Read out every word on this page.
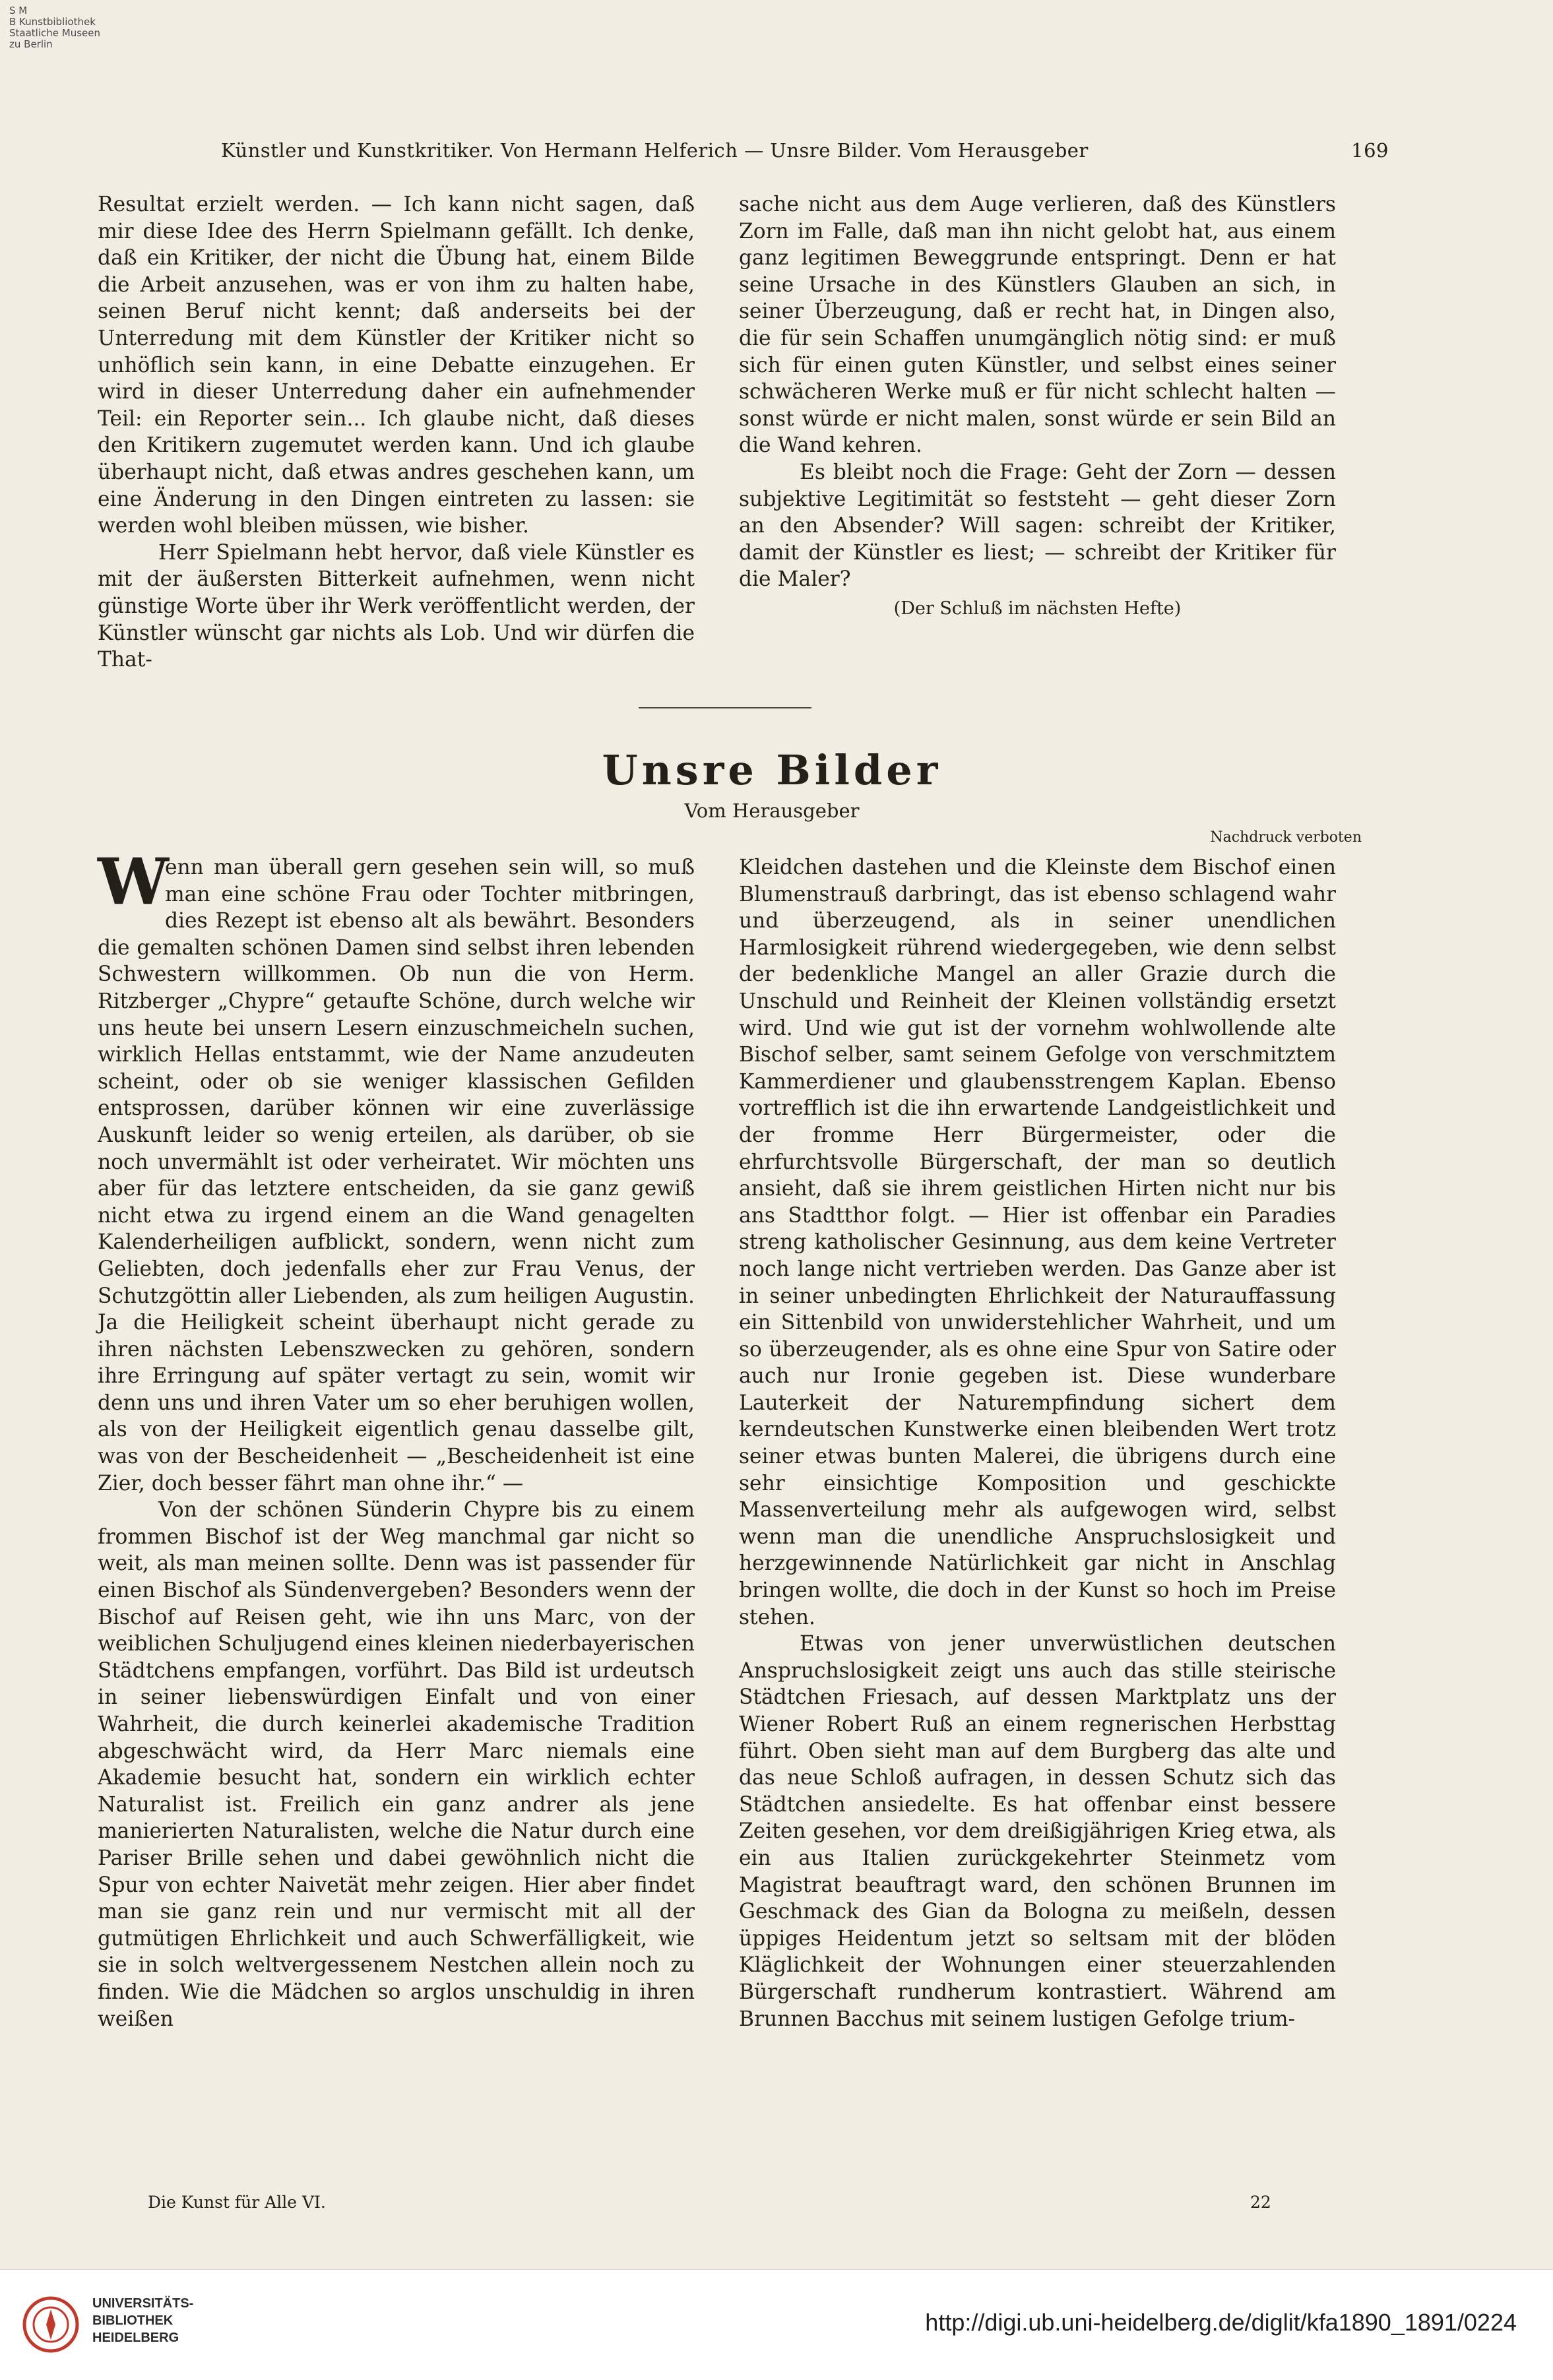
S M
B Kunstbibliothek
Staatliche Museen
zu Berlin
Künstler und Kunstkritiker. Von Hermann Helferich — Unsre Bilder. Vom Herausgeber	169

Resultat erzielt werden. — Ich kann nicht sagen, daß mir diese Idee des Herrn Spielmann gefällt. Ich denke, daß ein Kritiker, der nicht die Übung hat, einem Bilde die Arbeit anzusehen, was er von ihm zu halten habe, seinen Beruf nicht kennt; daß anderseits bei der Unterredung mit dem Künstler der Kritiker nicht so unhöflich sein kann, in eine Debatte einzugehen. Er wird in dieser Unterredung daher ein aufnehmender Teil: ein Reporter sein... Ich glaube nicht, daß dieses den Kritikern zugemutet werden kann. Und ich glaube überhaupt nicht, daß etwas andres geschehen kann, um eine Änderung in den Dingen eintreten zu lassen: sie werden wohl bleiben müssen, wie bisher.

Herr Spielmann hebt hervor, daß viele Künstler es mit der äußersten Bitterkeit aufnehmen, wenn nicht günstige Worte über ihr Werk veröffentlicht werden, der Künstler wünscht gar nichts als Lob. Und wir dürfen die That-

sache nicht aus dem Auge verlieren, daß des Künstlers Zorn im Falle, daß man ihn nicht gelobt hat, aus einem ganz legitimen Beweggrunde entspringt. Denn er hat seine Ursache in des Künstlers Glauben an sich, in seiner Überzeugung, daß er recht hat, in Dingen also, die für sein Schaffen unumgänglich nötig sind: er muß sich für einen guten Künstler, und selbst eines seiner schwächeren Werke muß er für nicht schlecht halten — sonst würde er nicht malen, sonst würde er sein Bild an die Wand kehren.

Es bleibt noch die Frage: Geht der Zorn — dessen subjektive Legitimität so feststeht — geht dieser Zorn an den Absender? Will sagen: schreibt der Kritiker, damit der Künstler es liest; — schreibt der Kritiker für die Maler?

(Der Schluß im nächsten Hefte)

Unsre Bilder
Vom Herausgeber
Nachdruck verboten

W
enn man überall gern gesehen sein will, so muß man eine schöne Frau oder Tochter mitbringen, dies Rezept ist ebenso alt als bewährt. Besonders die gemalten schönen Damen sind selbst ihren lebenden Schwestern willkommen. Ob nun die von Herm. Ritzberger „Chypre“ getaufte Schöne, durch welche wir uns heute bei unsern Lesern einzuschmeicheln suchen, wirklich Hellas entstammt, wie der Name anzudeuten scheint, oder ob sie weniger klassischen Gefilden entsprossen, darüber können wir eine zuverlässige Auskunft leider so wenig erteilen, als darüber, ob sie noch unvermählt ist oder verheiratet. Wir möchten uns aber für das letztere entscheiden, da sie ganz gewiß nicht etwa zu irgend einem an die Wand genagelten Kalenderheiligen aufblickt, sondern, wenn nicht zum Geliebten, doch jedenfalls eher zur Frau Venus, der Schutzgöttin aller Liebenden, als zum heiligen Augustin. Ja die Heiligkeit scheint überhaupt nicht gerade zu ihren nächsten Lebenszwecken zu gehören, sondern ihre Erringung auf später vertagt zu sein, womit wir denn uns und ihren Vater um so eher beruhigen wollen, als von der Heiligkeit eigentlich genau dasselbe gilt, was von der Bescheidenheit — „Bescheidenheit ist eine Zier, doch besser fährt man ohne ihr.“ —

Von der schönen Sünderin Chypre bis zu einem frommen Bischof ist der Weg manchmal gar nicht so weit, als man meinen sollte. Denn was ist passender für einen Bischof als Sündenvergeben? Besonders wenn der Bischof auf Reisen geht, wie ihn uns Marc, von der weiblichen Schuljugend eines kleinen niederbayerischen Städtchens empfangen, vorführt. Das Bild ist urdeutsch in seiner liebenswürdigen Einfalt und von einer Wahrheit, die durch keinerlei akademische Tradition abgeschwächt wird, da Herr Marc niemals eine Akademie besucht hat, sondern ein wirklich echter Naturalist ist. Freilich ein ganz andrer als jene manierierten Naturalisten, welche die Natur durch eine Pariser Brille sehen und dabei gewöhnlich nicht die Spur von echter Naivetät mehr zeigen. Hier aber findet man sie ganz rein und nur vermischt mit all der gutmütigen Ehrlichkeit und auch Schwerfälligkeit, wie sie in solch weltvergessenem Nestchen allein noch zu finden. Wie die Mädchen so arglos unschuldig in ihren weißen

Kleidchen dastehen und die Kleinste dem Bischof einen Blumenstrauß darbringt, das ist ebenso schlagend wahr und überzeugend, als in seiner unendlichen Harmlosigkeit rührend wiedergegeben, wie denn selbst der bedenkliche Mangel an aller Grazie durch die Unschuld und Reinheit der Kleinen vollständig ersetzt wird. Und wie gut ist der vornehm wohlwollende alte Bischof selber, samt seinem Gefolge von verschmitztem Kammerdiener und glaubensstrengem Kaplan. Ebenso vortrefflich ist die ihn erwartende Landgeistlichkeit und der fromme Herr Bürgermeister, oder die ehrfurchtsvolle Bürgerschaft, der man so deutlich ansieht, daß sie ihrem geistlichen Hirten nicht nur bis ans Stadtthor folgt. — Hier ist offenbar ein Paradies streng katholischer Gesinnung, aus dem keine Vertreter noch lange nicht vertrieben werden. Das Ganze aber ist in seiner unbedingten Ehrlichkeit der Naturauffassung ein Sittenbild von unwiderstehlicher Wahrheit, und um so überzeugender, als es ohne eine Spur von Satire oder auch nur Ironie gegeben ist. Diese wunderbare Lauterkeit der Naturempfindung sichert dem kerndeutschen Kunstwerke einen bleibenden Wert trotz seiner etwas bunten Malerei, die übrigens durch eine sehr einsichtige Komposition und geschickte Massenverteilung mehr als aufgewogen wird, selbst wenn man die unendliche Anspruchslosigkeit und herzgewinnende Natürlichkeit gar nicht in Anschlag bringen wollte, die doch in der Kunst so hoch im Preise stehen.

Etwas von jener unverwüstlichen deutschen Anspruchslosigkeit zeigt uns auch das stille steirische Städtchen Friesach, auf dessen Marktplatz uns der Wiener Robert Ruß an einem regnerischen Herbsttag führt. Oben sieht man auf dem Burgberg das alte und das neue Schloß aufragen, in dessen Schutz sich das Städtchen ansiedelte. Es hat offenbar einst bessere Zeiten gesehen, vor dem dreißigjährigen Krieg etwa, als ein aus Italien zurückgekehrter Steinmetz vom Magistrat beauftragt ward, den schönen Brunnen im Geschmack des Gian da Bologna zu meißeln, dessen üppiges Heidentum jetzt so seltsam mit der blöden Kläglichkeit der Wohnungen einer steuerzahlenden Bürgerschaft rundherum kontrastiert. Während am Brunnen Bacchus mit seinem lustigen Gefolge trium-

Die Kunst für Alle VI.	22
UNIVERSITÄTS-
BIBLIOTHEK
HEIDELBERG
http://digi.ub.uni-heidelberg.de/diglit/kfa1890_1891/0224
